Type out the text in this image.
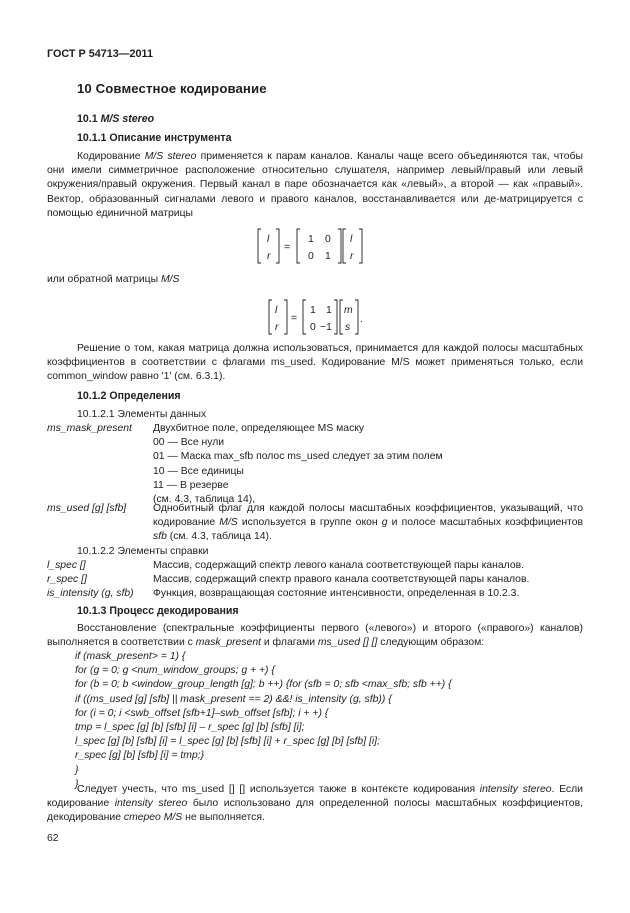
ГОСТ Р 54713—2011
10 Совместное кодирование
10.1 M/S stereo
10.1.1 Описание инструмента
Кодирование M/S stereo применяется к парам каналов. Каналы чаще всего объединяются так, чтобы они имели симметричное расположение относительно слушателя, например левый/правый или левый окружения/правый окружения. Первый канал в паре обозначается как «левый», а второй — как «правый». Вектор, образованный сигналами левого и правого каналов, восстанавливается или де-матрицируется с помощью единичной матрицы
l
r
=
1 0
0 1
l
r
или обратной матрицы M/S
l
r
=
1 1
0 −1
m
s
.
Решение о том, какая матрица должна использоваться, принимается для каждой полосы масштабных коэффициентов в соответствии с флагами ms_used. Кодирование M/S может применяться только, если common_window равно '1' (см. 6.3.1).
10.1.2 Определения
10.1.2.1 Элементы данных
ms_mask_present Двухбитное поле, определяющее MS маску
00 — Все нули
01 — Маска max_sfb полос ms_used следует за этим полем
10 — Все единицы
11 — В резерве
(см. 4.3, таблица 14),
ms_used [g] [sfb]	Однобитный флаг для каждой полосы масштабных коэффициентов, указыващий, что кодирование M/S используется в группе окон g и полосе масштабных коэффициентов sfb (см. 4.3, таблица 14).
10.1.2.2 Элементы справки
l_spec []	Массив, содержащий спектр левого канала соответствующей пары каналов.
r_spec []	Массив, содержащий спектр правого канала соответствующей пары каналов.
is_intensity (g, sfb) Функция, возвращающая состояние интенсивности, определенная в 10.2.3.
10.1.3 Процесс декодирования
Восстановление (спектральные коэффициенты первого («левого») и второго («правого») каналов) выполняется в соответствии с mask_present и флагами ms_used [] [] следующим образом:
if (mask_present> = 1) {
for (g = 0; g <num_window_groups; g + +) {
for (b = 0; b <window_group_length [g]; b ++) {for (sfb = 0; sfb <max_sfb; sfb ++) {
if ((ms_used [g] [sfb] || mask_present == 2) &&! is_intensity (g, sfb)) {
for (i = 0; i <swb_offset [sfb+1]–swb_offset [sfb]; i + +) {
tmp = l_spec [g] [b] [sfb] [i] – r_spec [g] [b] [sfb] [i];
l_spec [g] [b] [sfb] [i] = l_spec [g] [b] [sfb] [i] + r_spec [g] [b] [sfb] [i];
r_spec [g] [b] [sfb] [i] = tmp;}
}
}
Следует учесть, что ms_used [] [] используется также в контексте кодирования intensity stereo. Если кодирование intensity stereo было использовано для определенной полосы масштабных коэффициентов, декодирование стерео M/S не выполняется.
62
